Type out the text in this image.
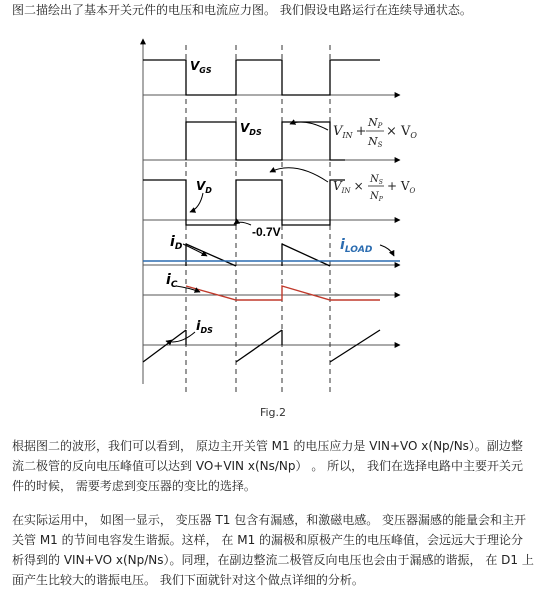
图二描绘出了基本开关元件的电压和电流应力图。 我们假设电路运行在连续导通状态。
$V_{GS}$
$V_{DS}$
$V_D$
-0.7V
$i_D$	$i_{LOAD}$
$i_C$
$i_{DS}$
$V_{IN}$ +
NP
NS
× $V_O$
$V_{IN} \times N_S$
$N_P$
+ $V_O$
Fig.2

根据图二的波形，我们可以看到， 原边主开关管 M1 的电压应力是 VIN+VO x(Np/Ns）。副边整流二极管的反向电压峰值可以达到 VO+VIN x(Ns/Np） 。 所以， 我们在选择电路中主要开关元件的时候， 需要考虑到变压器的变比的选择。

在实际运用中， 如图一显示， 变压器 T1 包含有漏感，和激磁电感。 变压器漏感的能量会和主开关管 M1 的节间电容发生谐振。这样， 在 M1 的漏极和原极产生的电压峰值，会远远大于理论分析得到的 VIN+VO x(Np/Ns）。同理，在副边整流二极管反向电压也会由于漏感的谐振， 在 D1 上面产生比较大的谐振电压。 我们下面就针对这个做点详细的分析。
